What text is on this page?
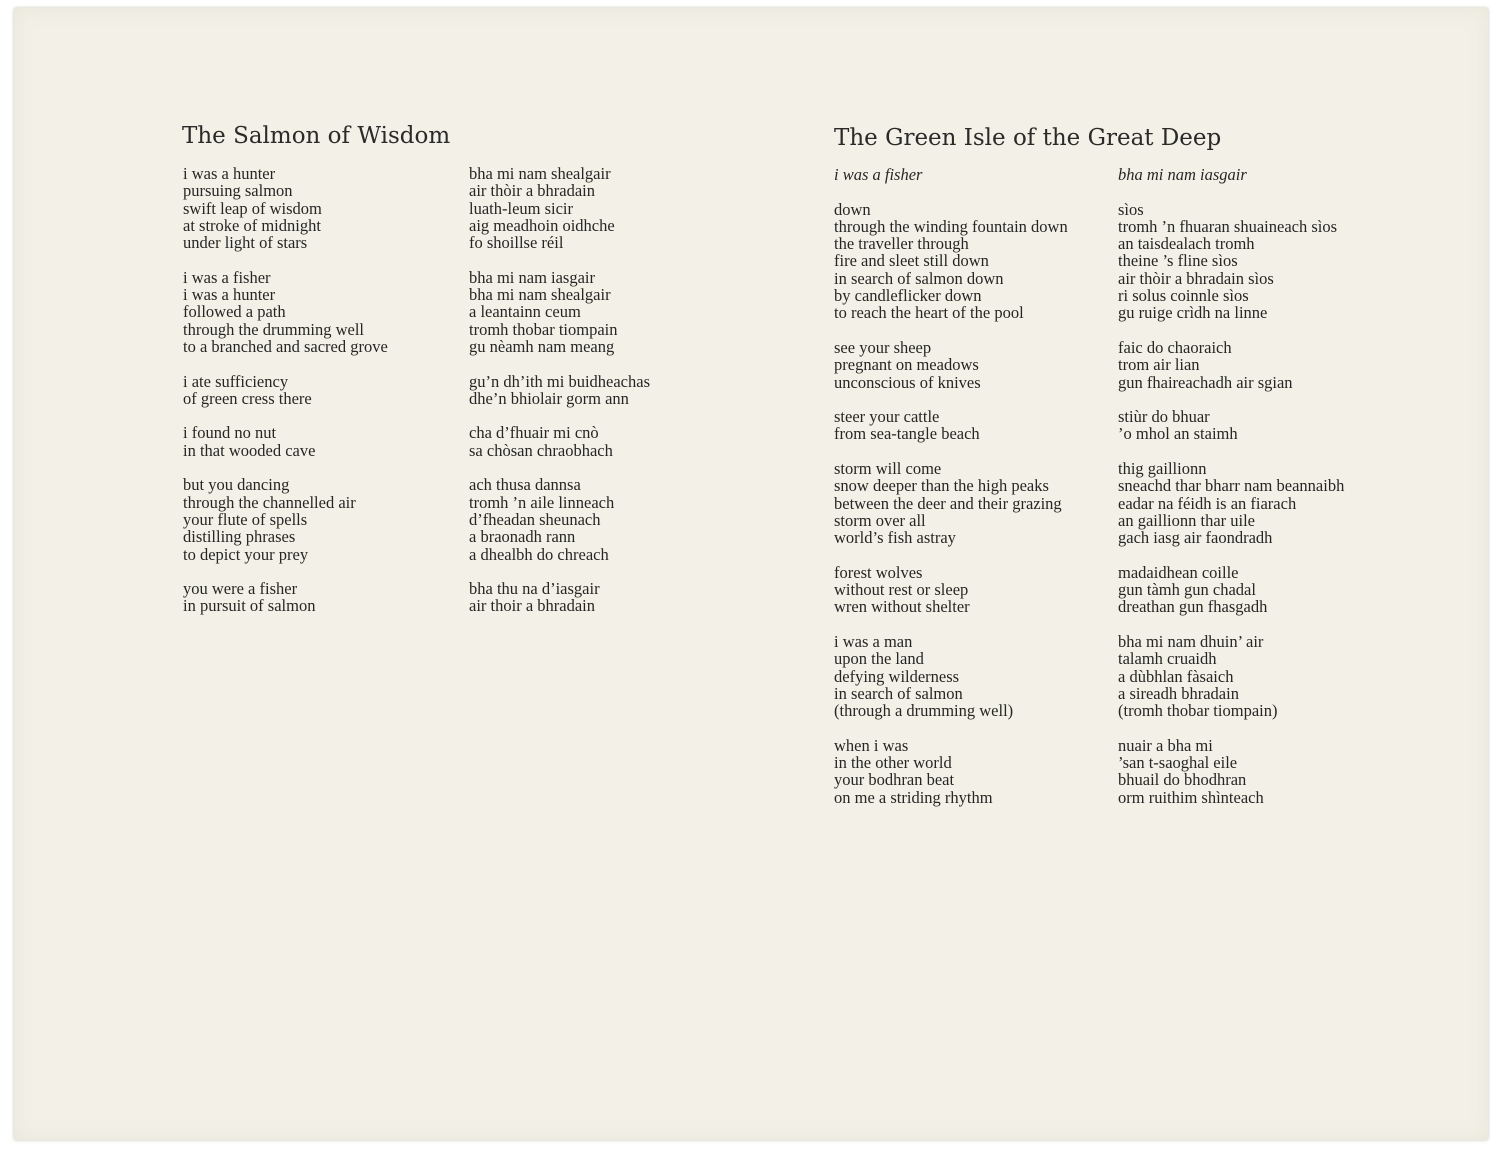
The Salmon of Wisdom
i was a hunter
pursuing salmon
swift leap of wisdom
at stroke of midnight
under light of stars
i was a fisher
i was a hunter
followed a path
through the drumming well
to a branched and sacred grove
i ate sufficiency
of green cress there
i found no nut
in that wooded cave
but you dancing
through the channelled air
your flute of spells
distilling phrases
to depict your prey
you were a fisher
in pursuit of salmon
bha mi nam shealgair
air thòir a bhradain
luath-leum sicir
aig meadhoin oidhche
fo shoillse réil
bha mi nam iasgair
bha mi nam shealgair
a leantainn ceum
tromh thobar tiompain
gu nèamh nam meang
gu’n dh’ith mi buidheachas
dhe’n bhiolair gorm ann
cha d’fhuair mi cnò
sa chòsan chraobhach
ach thusa dannsa
tromh ’n aile linneach
d’fheadan sheunach
a braonadh rann
a dhealbh do chreach
bha thu na d’iasgair
air thoir a bhradain
The Green Isle of the Great Deep
i was a fisher
down
through the winding fountain down
the traveller through
fire and sleet still down
in search of salmon down
by candleflicker down
to reach the heart of the pool
see your sheep
pregnant on meadows
unconscious of knives
steer your cattle
from sea-tangle beach
storm will come
snow deeper than the high peaks
between the deer and their grazing
storm over all
world’s fish astray
forest wolves
without rest or sleep
wren without shelter
i was a man
upon the land
defying wilderness
in search of salmon
(through a drumming well)
when i was
in the other world
your bodhran beat
on me a striding rhythm
bha mi nam iasgair
sìos
tromh ’n fhuaran shuaineach sìos
an taisdealach tromh
theine ’s fline sìos
air thòir a bhradain sìos
ri solus coinnle sìos
gu ruige crìdh na linne
faic do chaoraich
trom air lian
gun fhaireachadh air sgian
stiùr do bhuar
’o mhol an staimh
thig gaillionn
sneachd thar bharr nam beannaibh
eadar na féidh is an fiarach
an gaillionn thar uile
gach iasg air faondradh
madaidhean coille
gun tàmh gun chadal
dreathan gun fhasgadh
bha mi nam dhuin’ air
talamh cruaidh
a dùbhlan fàsaich
a sireadh bhradain
(tromh thobar tiompain)
nuair a bha mi
’san t-saoghal eile
bhuail do bhodhran
orm ruithim shìnteach
